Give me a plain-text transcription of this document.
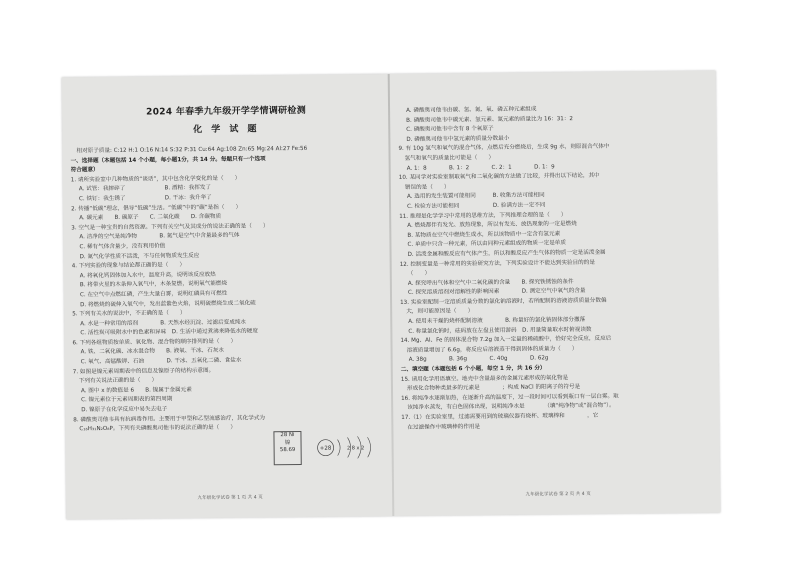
2024 年春季九年级开学学情调研检测
化 学 试 题
相对原子质量: C:12 H:1 O:16 N:14 S:32 P:31 Cu:64 Ag:108 Zn:65 Mg:24 Al:27 Fe:56
一、选择题（本题包括 14 个小题，每小题1分，共 14 分。每题只有一个选项
符合题意）
1. 请所实验室中几种物质的“谈话”，其中包含化学变化的是（　　）
A. 试管：我摔碎了　　　　　　　B. 酒精：我挥发了
C. 铁钉：我生锈了　　　　　　　D. 干冰：我升华了
2. 传播“低碳”理念，倡导“低碳”生活。“低碳”中的“碳”是指（　　）
A. 碳元素　　B. 碳原子　　C. 二氧化碳　　D. 含碳物质
3. 空气是一种宝贵的自然资源。下列有关空气及其成分的说法正确的是（　　）
A. 洁净的空气是纯净物　　　　B. 氮气是空气中含量最多的气体
C. 稀有气体含量少，没有利用价值
D. 氮气化学性质不活泼，不与任何物质发生反应
4. 下列实验的现象与结论都正确的是（　　）
A. 将氧化钙固体加入水中，温度升高，说明该反应放热
B. 将带火星的木条伸入氧气中，木条复燃，说明氧气能燃烧
C. 在空气中点燃红磷，产生大量白雾，说明红磷具有可燃性
D. 将燃烧的硫伸入氧气中，发出蓝紫色火焰，说明硫燃烧生成二氧化硫
5. 下列有关水的说法中，不正确的是（　　）
A. 水是一种常用的溶剂　　　　B. 天然水经沉淀、过滤后变成纯水
C. 活性炭可吸附水中的色素和异味　D. 生活中通过煮沸来降低水的硬度
6. 下列各组物质按单质、氧化物、混合物的顺序排列的是（　　）
A. 铁、二氧化碳、冰水混合物　　B. 液氧、干冰、石灰水
C. 氧气、高锰酸钾、石油　　　　D. 干冰、五氧化二磷、食盐水
7. 如图是镍元素周期表中的信息及镍原子的结构示意图。
下列有关说法正确的是（　　）
A. 图中 x 的数值是 6　　B. 镍属于金属元素
C. 镍元素位于元素周期表的第四周期
D. 镍原子在化学反应中易失去电子
8. 磷酸奥司他韦具有抗病毒作用。主要用于甲型和乙型流感治疗，其化学式为
C₁₆H₃₁N₂O₈P。下列有关磷酸奥司他韦的说法正确的是（　　）
28 Ni
镍
58.69	+28	2 8 x 2
九年级化学试卷 第 1 页 共 4 页
A. 磷酸奥司他韦由碳、氢、氮、氧、磷五种元素组成
B. 磷酸奥司他韦中碳元素、氢元素、氮元素的质量比为 16：31：2
C. 磷酸奥司他韦中含有 8 个氧原子
D. 磷酸奥司他韦中氢元素的质量分数最小
9. 有 10g 氢气和氧气的混合气体，点燃后充分燃烧后，生成 9g 水，则原混合气体中
氢气和氧气的质量比可能是（　　）
A. 1：8　　　　B. 1：2　　　　C. 2：1　　　　D. 1：9
10. 某同学对实验室制取氧气和二氧化碳的方法做了比较，并得出以下结论，其中
错误的是（　　）
A. 选用的发生装置可能相同　　　B. 收集方法可能相同
C. 检验方法可能相同　　　　　　D. 验满方法一定不同
11. 推理是化学学习中常用的思维方法，下列推理合理的是（　　）
A. 燃烧都伴有发光、放热现象，所以有发光、放热现象的一定是燃烧
B. 某物质在空气中燃烧生成水，所以该物质中一定含有氢元素
C. 单质中只含一种元素，所以由同种元素组成的物质一定是单质
D. 活泼金属和酸反应有气体产生，所以和酸反应产生气体的物质一定是活泼金属
12. 控制变量是一种常用的实验研究方法，下列实验设计不能达到实验目的的是
（　　）
A. 探究呼出气体和空气中二氧化碳的含量　　B. 探究铁锈蚀的条件
C. 探究溶质溶剂对溶解性的影响因素　　　　D. 测定空气中氧气的含量
13. 实验室配制一定溶质质量分数的氯化钠溶液时，若所配制的溶液溶质质量分数偏
大，则可能原因是（　　）
A. 使用未干燥的烧杯配制溶液　　　　B. 称量好的氯化钠固体部分撒落
C. 称量氯化钠时，砝码放在左盘且使用游码　D. 用量筒量取水时俯视读数
14. Mg、Al、Fe 的固体混合物 7.2g 加入一定量的稀硫酸中，恰好完全反应，反应后
溶液质量增加了 6.6g，将反应后溶液蒸干得到固体的质量为（　　）
A. 38g　　　　B. 36g　　　　C. 40g　　　　D. 62g
二、填空题（本题包括 6 个小题，每空 1 分，共 16 分）
15. 请用化学用语填空。地壳中含量最多的金属元素形成的氧化物是
形成化合物种类最多的元素是　　　　；构成 NaCl 的阳离子的符号是
16. 将纯净水逐渐加热，在逐渐升高的温度下，过一段时间可以看到瓶口有一层白雾。取
该纯净水蒸发，有白色固体出现，说明纯净水是　　　　（填“纯净物”或“混合物”）。
17.（1）在实验室里，过滤需要用到的玻璃仪器有烧杯、玻璃棒和　　　　，它
在过滤操作中玻璃棒的作用是
九年级化学试卷 第 2 页 共 4 页
